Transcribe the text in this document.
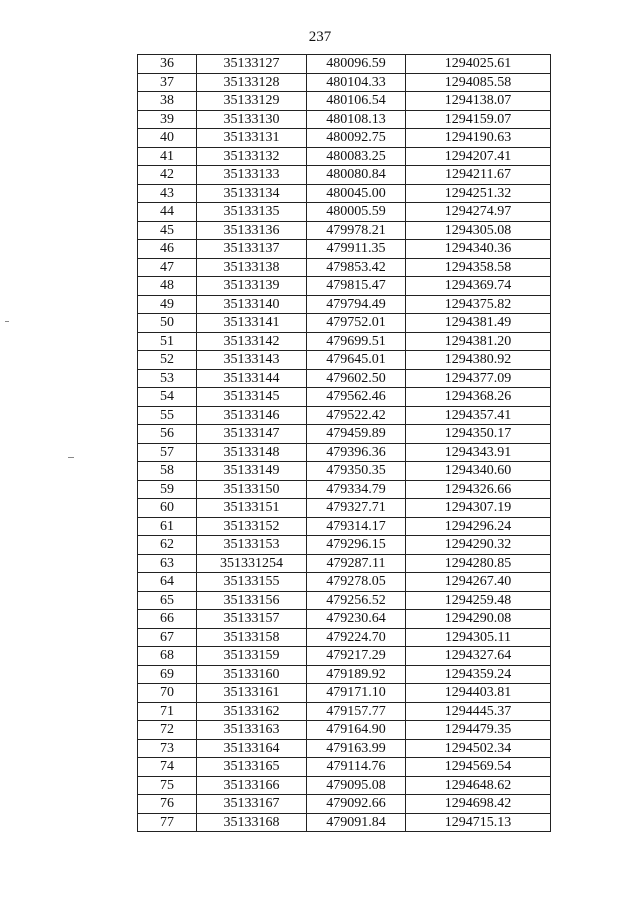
237
36	35133127	480096.59	1294025.61
37	35133128	480104.33	1294085.58
38	35133129	480106.54	1294138.07
39	35133130	480108.13	1294159.07
40	35133131	480092.75	1294190.63
41	35133132	480083.25	1294207.41
42	35133133	480080.84	1294211.67
43	35133134	480045.00	1294251.32
44	35133135	480005.59	1294274.97
45	35133136	479978.21	1294305.08
46	35133137	479911.35	1294340.36
47	35133138	479853.42	1294358.58
48	35133139	479815.47	1294369.74
49	35133140	479794.49	1294375.82
50	35133141	479752.01	1294381.49
51	35133142	479699.51	1294381.20
52	35133143	479645.01	1294380.92
53	35133144	479602.50	1294377.09
54	35133145	479562.46	1294368.26
55	35133146	479522.42	1294357.41
56	35133147	479459.89	1294350.17
57	35133148	479396.36	1294343.91
58	35133149	479350.35	1294340.60
59	35133150	479334.79	1294326.66
60	35133151	479327.71	1294307.19
61	35133152	479314.17	1294296.24
62	35133153	479296.15	1294290.32
63	351331254	479287.11	1294280.85
64	35133155	479278.05	1294267.40
65	35133156	479256.52	1294259.48
66	35133157	479230.64	1294290.08
67	35133158	479224.70	1294305.11
68	35133159	479217.29	1294327.64
69	35133160	479189.92	1294359.24
70	35133161	479171.10	1294403.81
71	35133162	479157.77	1294445.37
72	35133163	479164.90	1294479.35
73	35133164	479163.99	1294502.34
74	35133165	479114.76	1294569.54
75	35133166	479095.08	1294648.62
76	35133167	479092.66	1294698.42
77	35133168	479091.84	1294715.13
